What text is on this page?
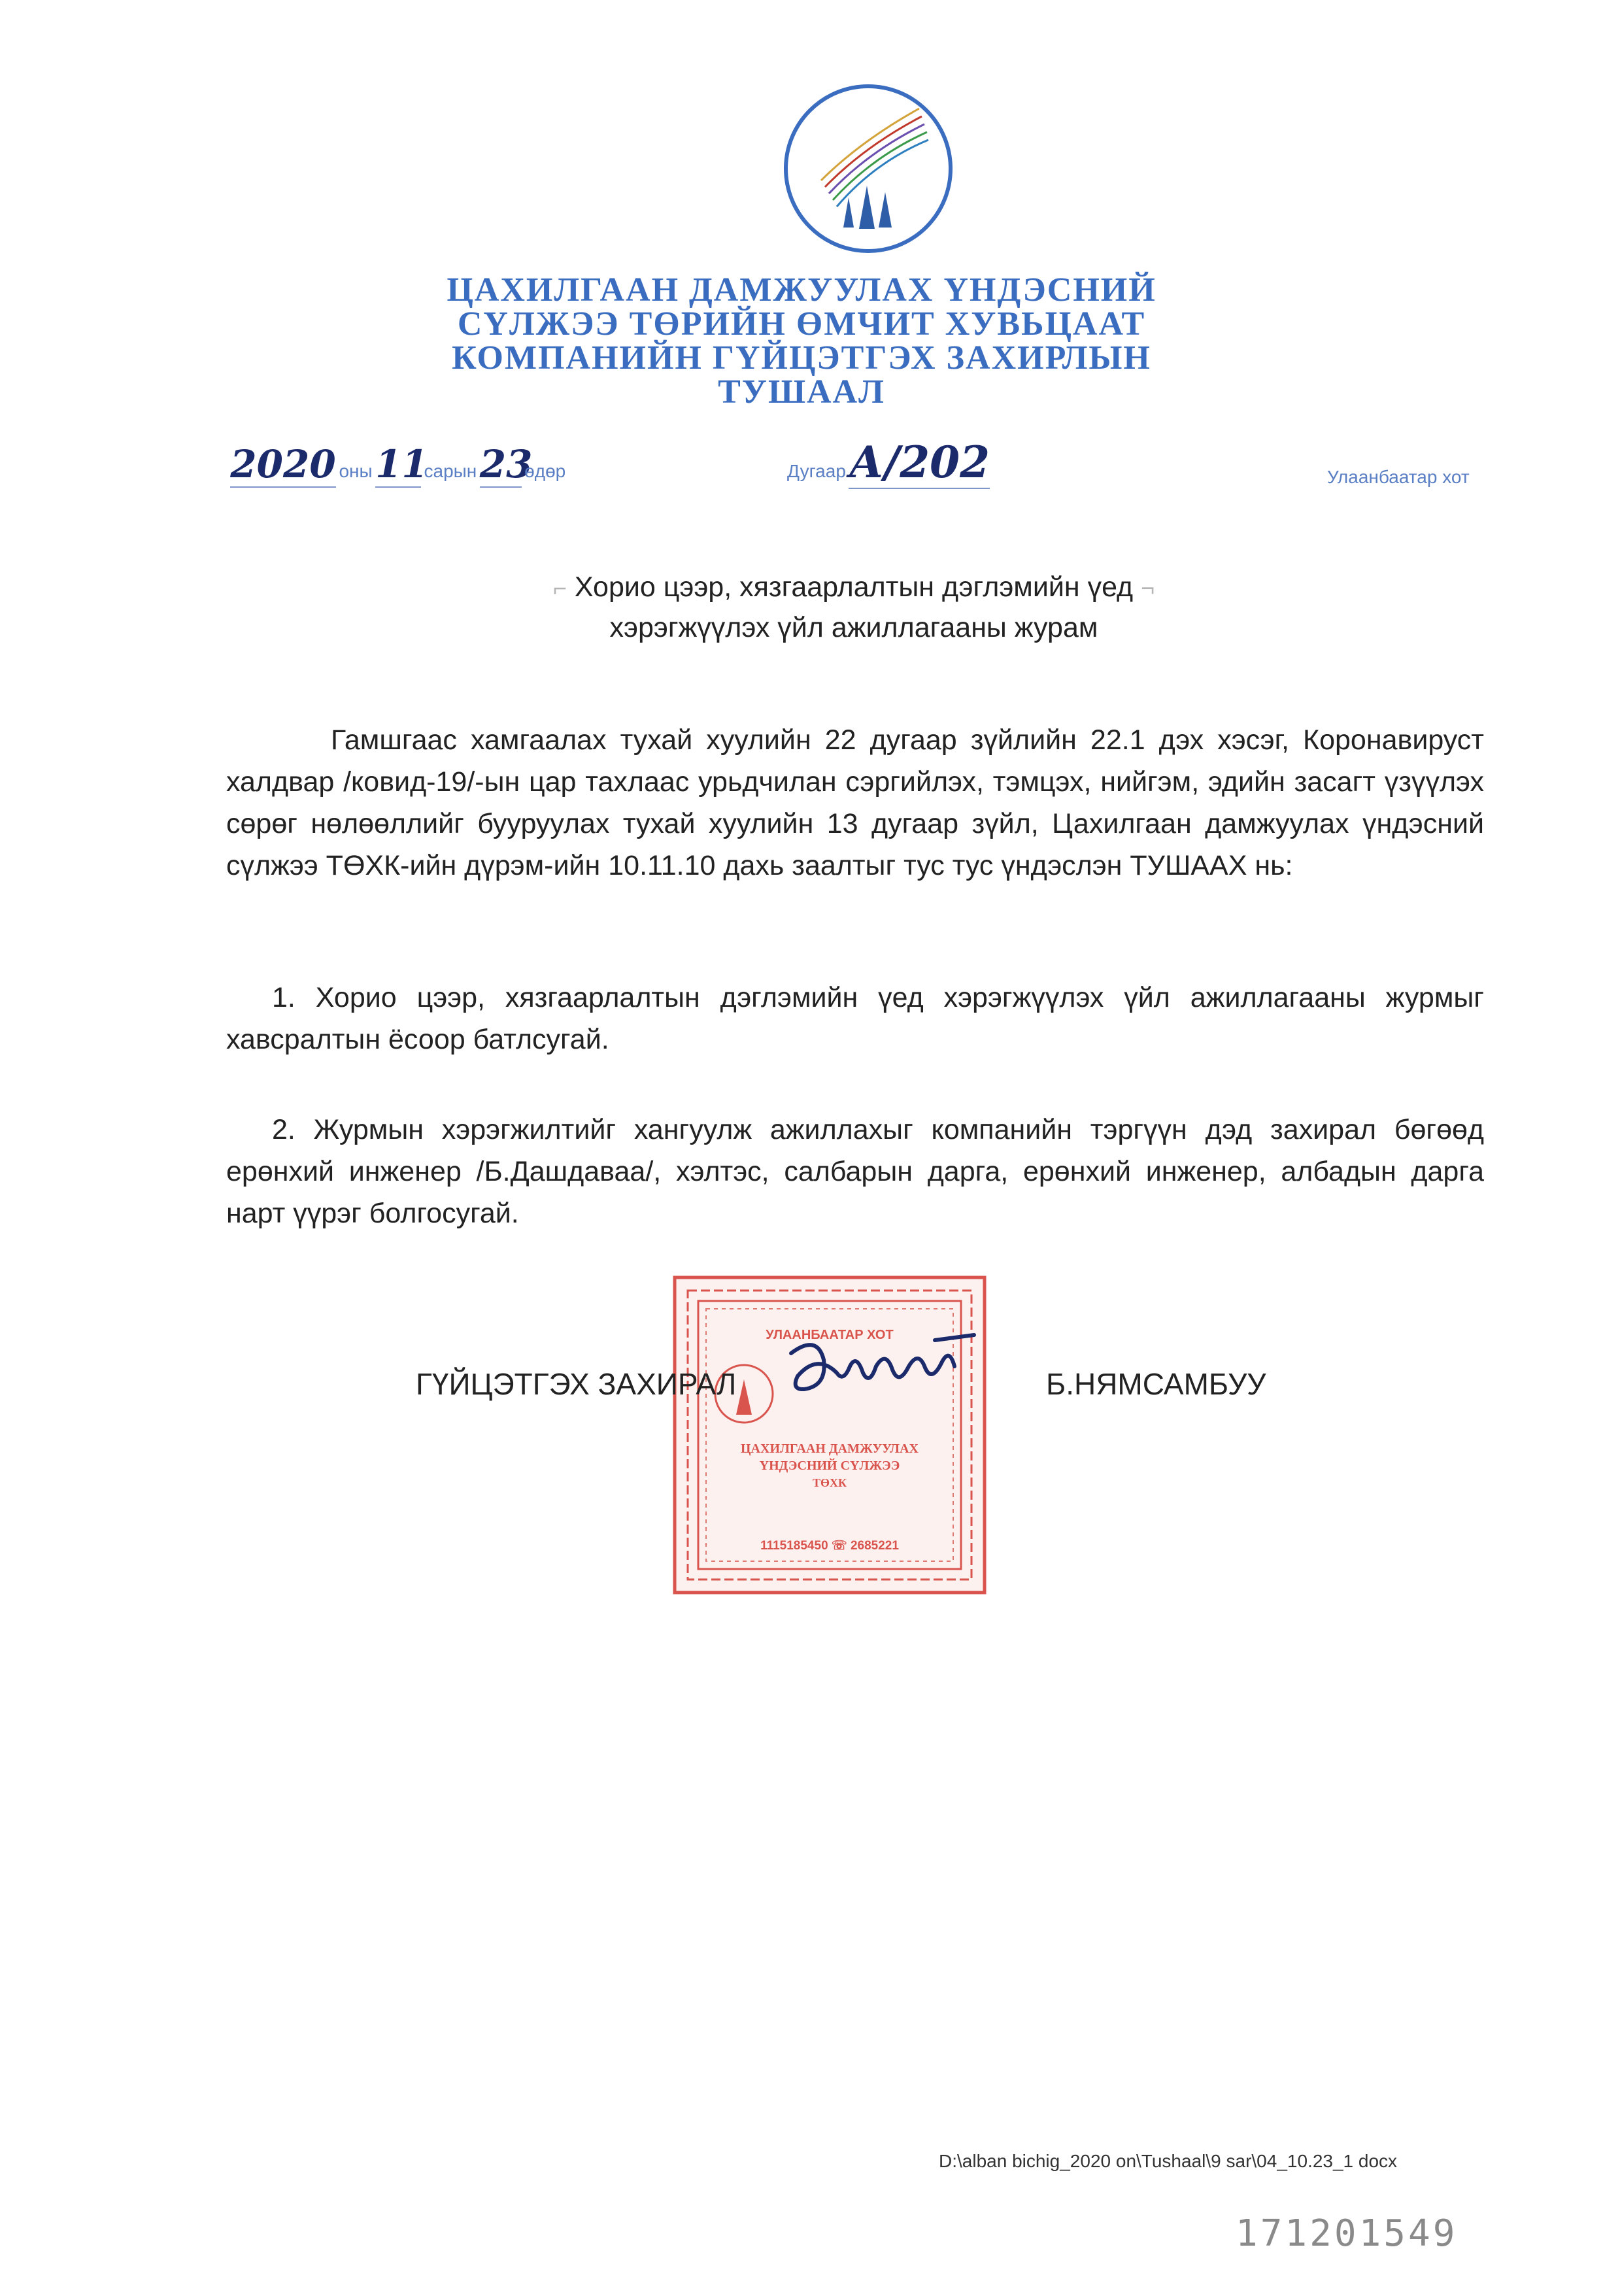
ЦАХИЛГААН ДАМЖУУЛАХ ҮНДЭСНИЙ
СҮЛЖЭЭ ТӨРИЙН ӨМЧИТ ХУВЬЦААТ
КОМПАНИЙН ГҮЙЦЭТГЭХ ЗАХИРЛЫН
ТУШААЛ
2020 оны 11 сарын 23 өдөр	Дугаар А/202	Улаанбаатар хот
⌐ Хорио цээр, хязгаарлалтын дэглэмийн үед ¬
хэрэгжүүлэх үйл ажиллагааны журам
Гамшгаас хамгаалах тухай хуулийн 22 дугаар зүйлийн 22.1 дэх хэсэг, Коронавируст халдвар /ковид-19/-ын цар тахлаас урьдчилан сэргийлэх, тэмцэх, нийгэм, эдийн засагт үзүүлэх сөрөг нөлөөллийг бууруулах тухай хуулийн 13 дугаар зүйл, Цахилгаан дамжуулах үндэсний сүлжээ ТӨХК-ийн дүрэм-ийн 10.11.10 дахь заалтыг тус тус үндэслэн ТУШААХ нь:
1. Хорио цээр, хязгаарлалтын дэглэмийн үед хэрэгжүүлэх үйл ажиллагааны журмыг хавсралтын ёсоор батлсугай.
2. Журмын хэрэгжилтийг хангуулж ажиллахыг компанийн тэргүүн дэд захирал бөгөөд ерөнхий инженер /Б.Дашдаваа/, хэлтэс, салбарын дарга, ерөнхий инженер, албадын дарга нарт үүрэг болгосугай.
УЛААНБААТАР ХОТ
ЦАХИЛГААН ДАМЖУУЛАХ
ҮНДЭСНИЙ СҮЛЖЭЭ
ТӨХК
1115185450 ☏ 2685221
ГҮЙЦЭТГЭХ ЗАХИРАЛ	Б.НЯМСАМБУУ
D:\alban bichig_2020 on\Tushaal\9 sar\04_10.23_1 docx
171201549
